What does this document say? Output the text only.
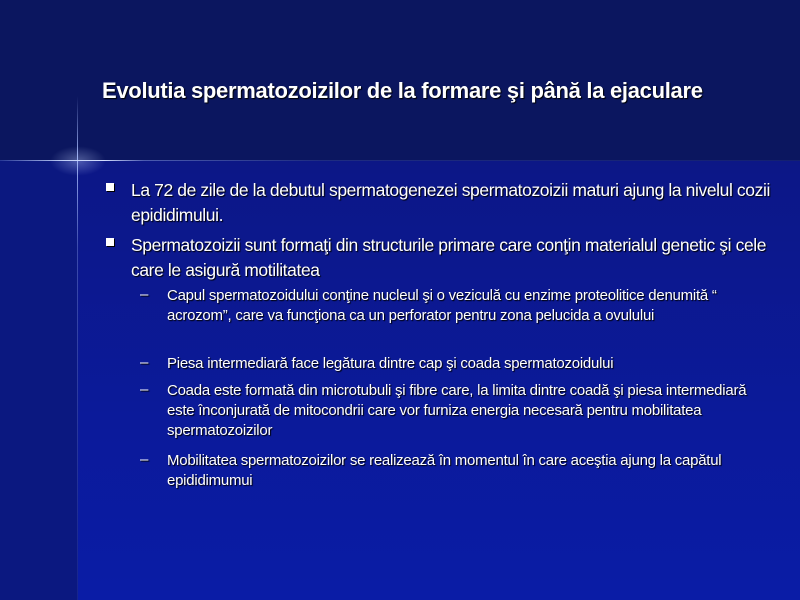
Evolutia spermatozoizilor de la formare şi până la ejaculare
La 72 de zile de la debutul spermatogenezei spermatozoizii maturi ajung la nivelul cozii epididimului.
Spermatozoizii sunt formaţi din structurile primare care conţin materialul genetic şi cele care le asigură motilitatea
–	Capul spermatozoidului conţine nucleul şi o veziculă cu enzime proteolitice denumită “ acrozom”, care va funcţiona ca un perforator pentru zona pelucida a ovulului
–	Piesa intermediară face legătura dintre cap şi coada spermatozoidului
–	Coada este formată din microtubuli şi fibre care, la limita dintre coadă şi piesa intermediară este înconjurată de mitocondrii care vor furniza energia necesară pentru mobilitatea spermatozoizilor
–	Mobilitatea spermatozoizilor se realizează în momentul în care aceştia ajung la capătul epididimumui
